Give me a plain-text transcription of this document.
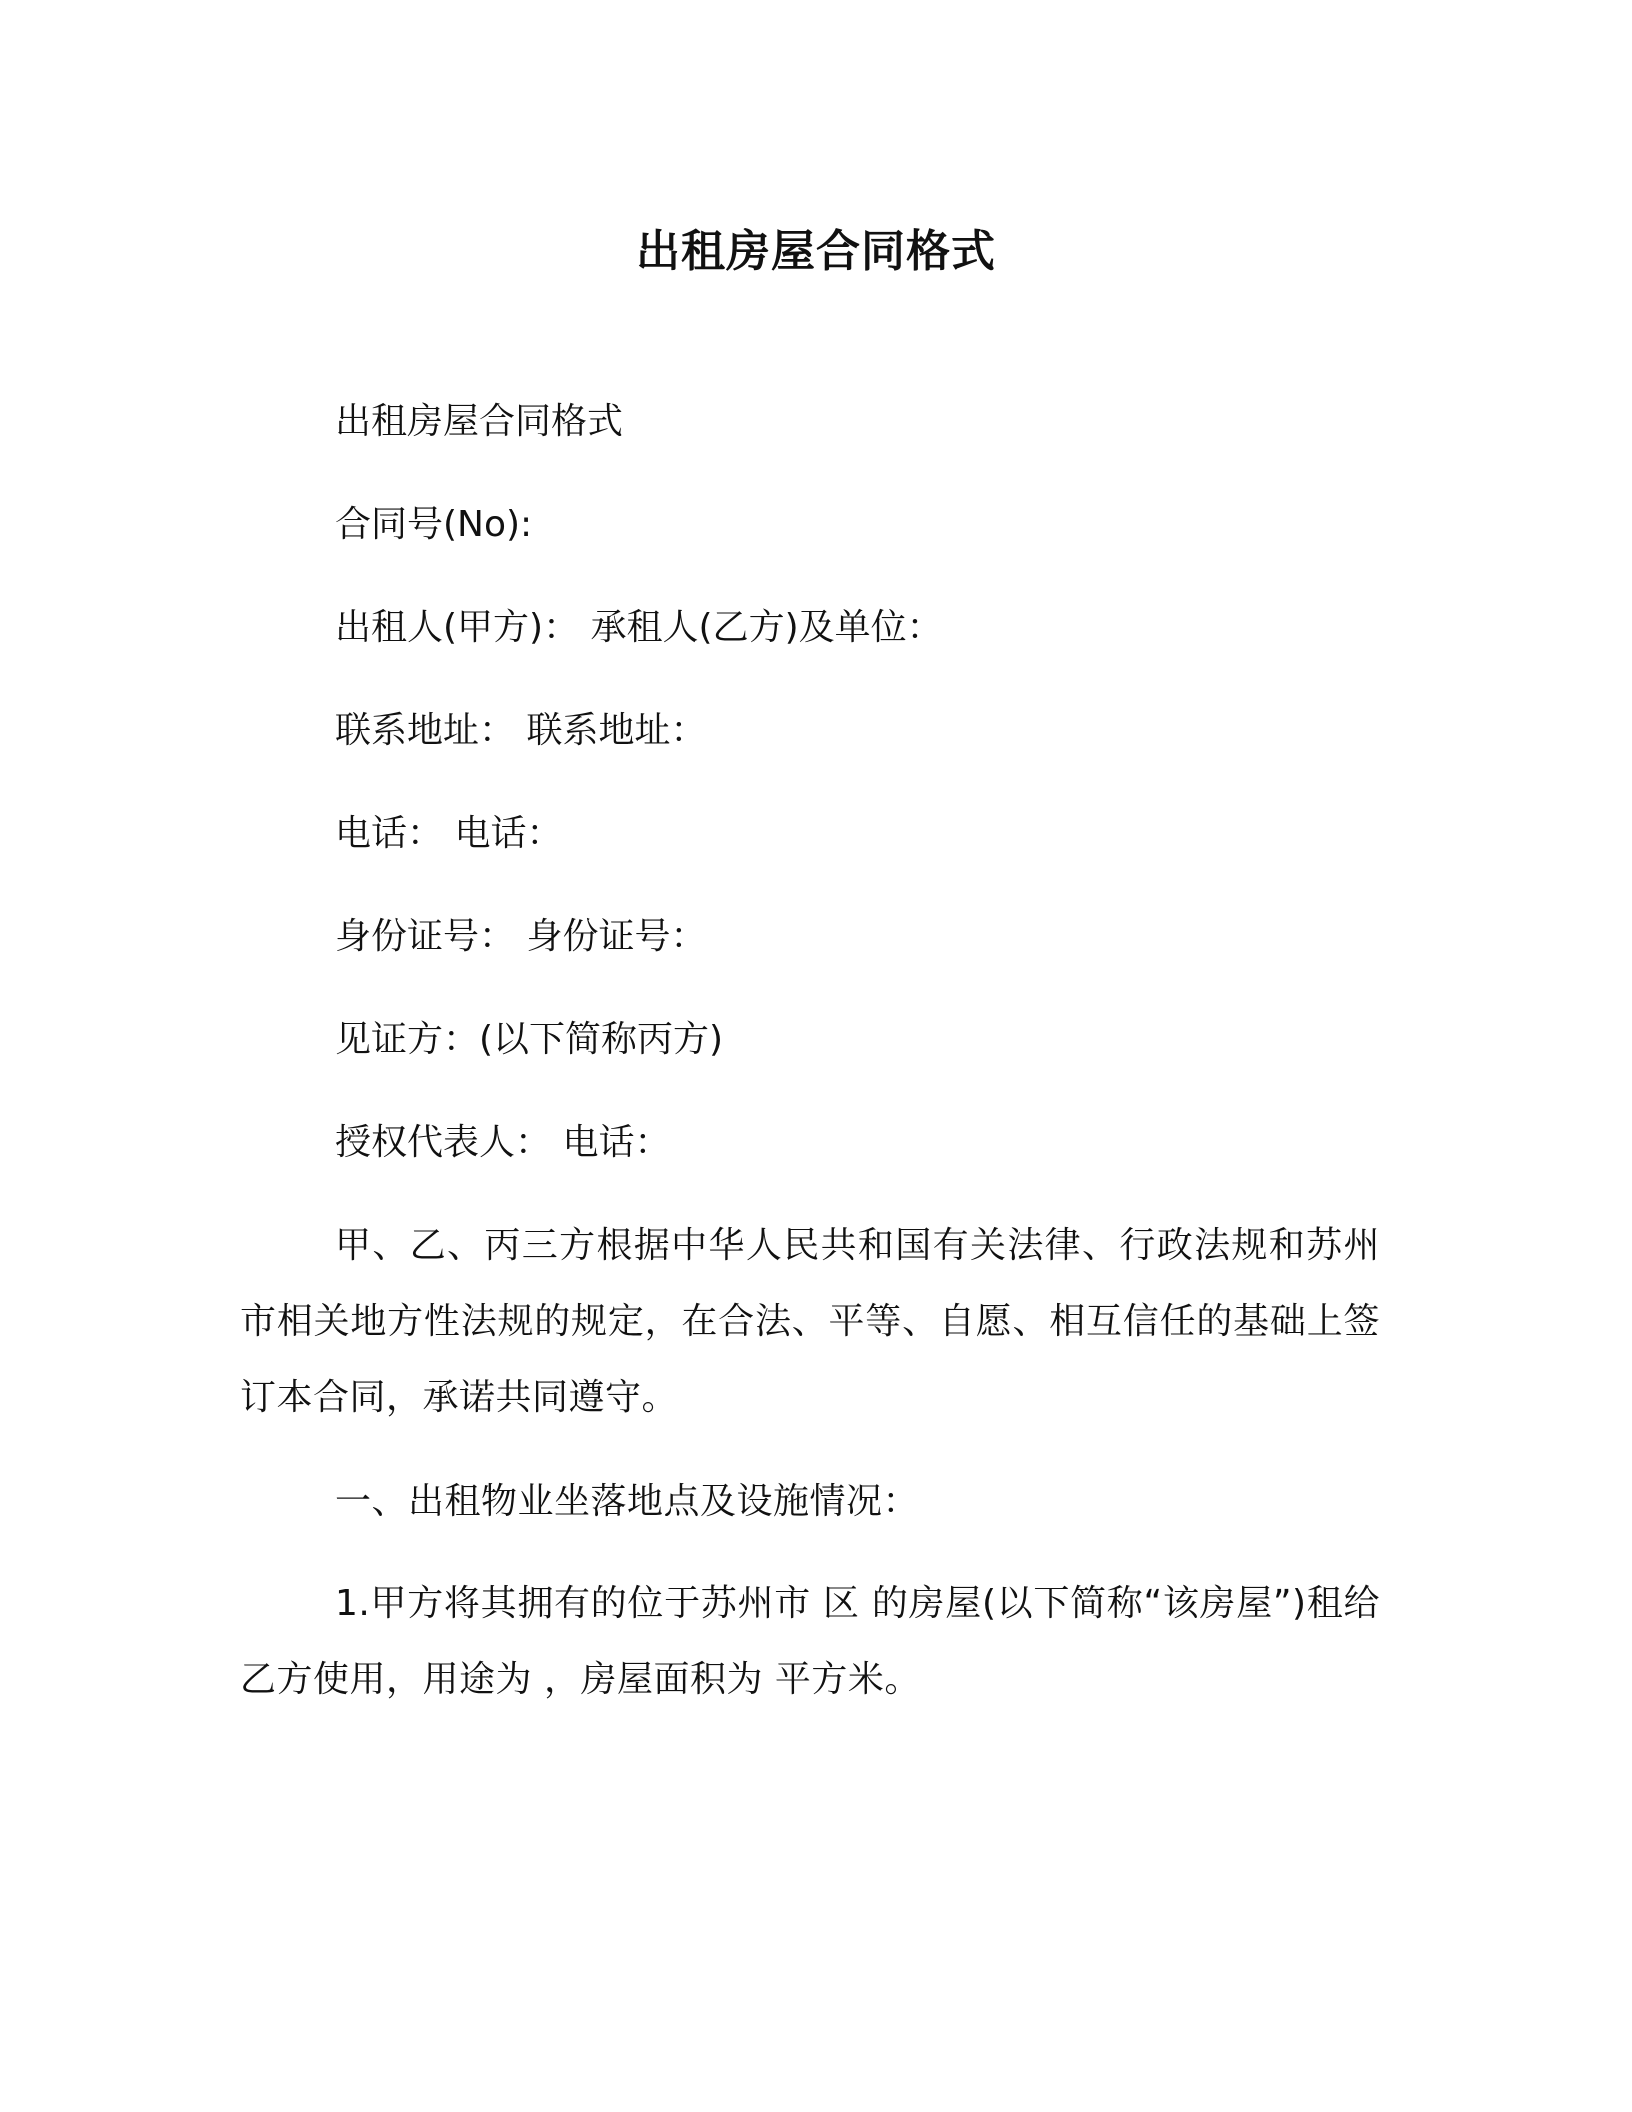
出租房屋合同格式
出租房屋合同格式
合同号(No):
出租人(甲方)： 承租人(乙方)及单位：
联系地址： 联系地址：
电话： 电话：
身份证号： 身份证号：
见证方：(以下简称丙方)
授权代表人： 电话：
甲、乙、丙三方根据中华人民共和国有关法律、行政法规和苏州市相关地方性法规的规定，在合法、平等、自愿、相互信任的基础上签订本合同，承诺共同遵守。
一、出租物业坐落地点及设施情况：
1.甲方将其拥有的位于苏州市 区 的房屋(以下简称“该房屋”)租给乙方使用，用途为 ，房屋面积为 平方米。
